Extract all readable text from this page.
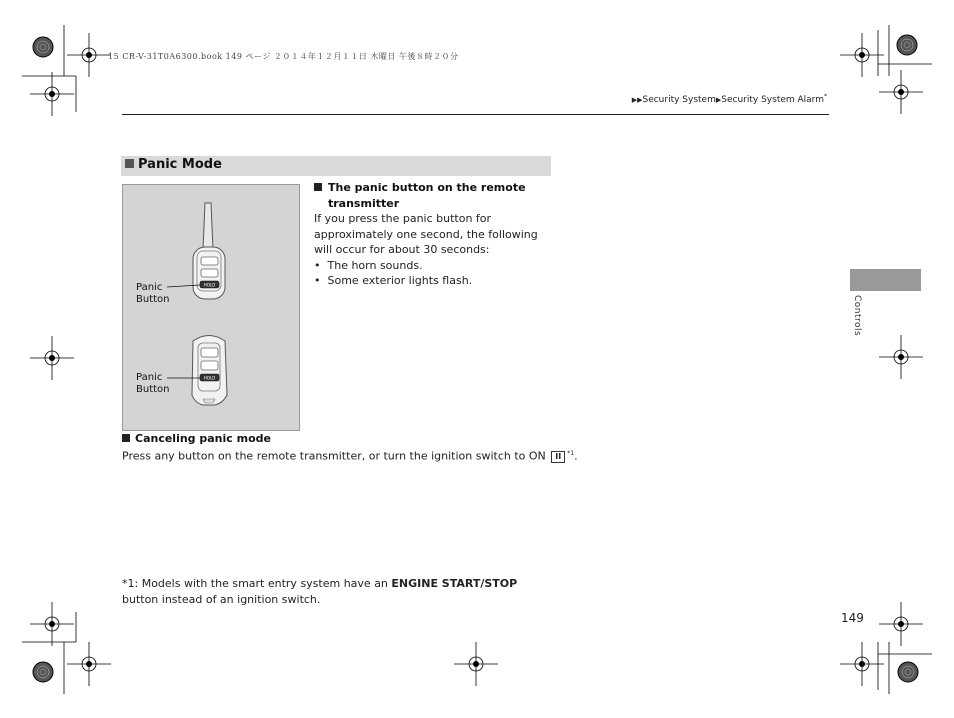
15 CR-V-31T0A6300.book 149 ページ ２０１４年１２月１１日 木曜日 午後８時２０分
▶▶Security System▶Security System Alarm*
Panic Mode
HOLD
HOLD
Panic
Button
Panic
Button
The panic button on the remote transmitter
If you press the panic button for approximately one second, the following will occur for about 30 seconds:
• The horn sounds.
• Some exterior lights flash.
Canceling panic mode
Press any button on the remote transmitter, or turn the ignition switch to ON II $^{*1}$.
*1: Models with the smart entry system have an ENGINE START/STOP button instead of an ignition switch.
Controls
149
